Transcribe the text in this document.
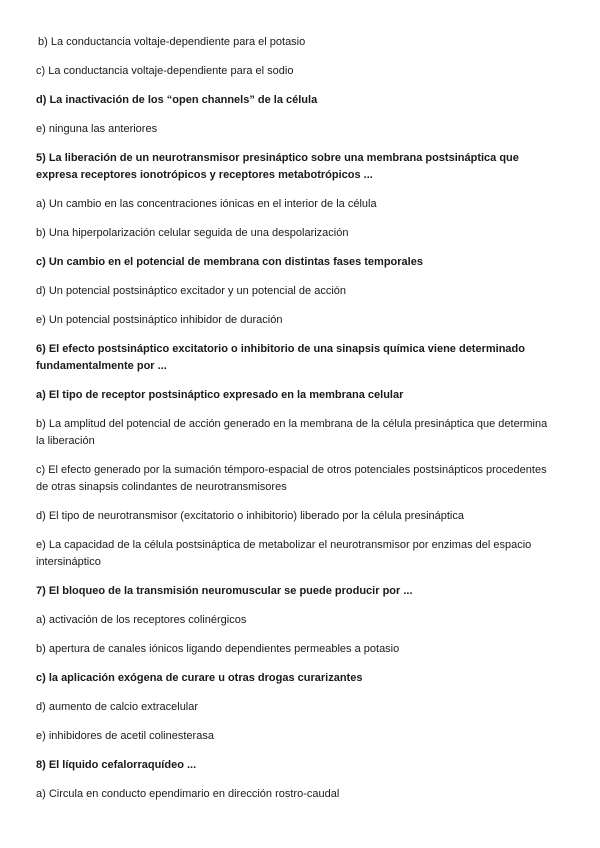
b) La conductancia voltaje-dependiente para el potasio

c) La conductancia voltaje-dependiente para el sodio

d) La inactivación de los “open channels” de la célula

e) ninguna las anteriores

5) La liberación de un neurotransmisor presináptico sobre una membrana postsináptica que expresa receptores ionotrópicos y receptores metabotrópicos ...

a) Un cambio en las concentraciones iónicas en el interior de la célula

b) Una hiperpolarización celular seguida de una despolarización

c) Un cambio en el potencial de membrana con distintas fases temporales

d) Un potencial postsináptico excitador y un potencial de acción

e) Un potencial postsináptico inhibidor de duración

6) El efecto postsináptico excitatorio o inhibitorio de una sinapsis química viene determinado fundamentalmente por ...

a) El tipo de receptor postsináptico expresado en la membrana celular

b) La amplitud del potencial de acción generado en la membrana de la célula presináptica que determina la liberación

c) El efecto generado por la sumación témporo-espacial de otros potenciales postsinápticos procedentes de otras sinapsis colindantes de neurotransmisores

d) El tipo de neurotransmisor (excitatorio o inhibitorio) liberado por la célula presináptica

e) La capacidad de la célula postsináptica de metabolizar el neurotransmisor por enzimas del espacio intersináptico

7) El bloqueo de la transmisión neuromuscular se puede producir por ...

a) activación de los receptores colinérgicos

b) apertura de canales iónicos ligando dependientes permeables a potasio

c) la aplicación exógena de curare u otras drogas curarizantes

d) aumento de calcio extracelular

e) inhibidores de acetil colinesterasa

8) El líquido cefalorraquídeo ...

a) Circula en conducto ependimario en dirección rostro-caudal
